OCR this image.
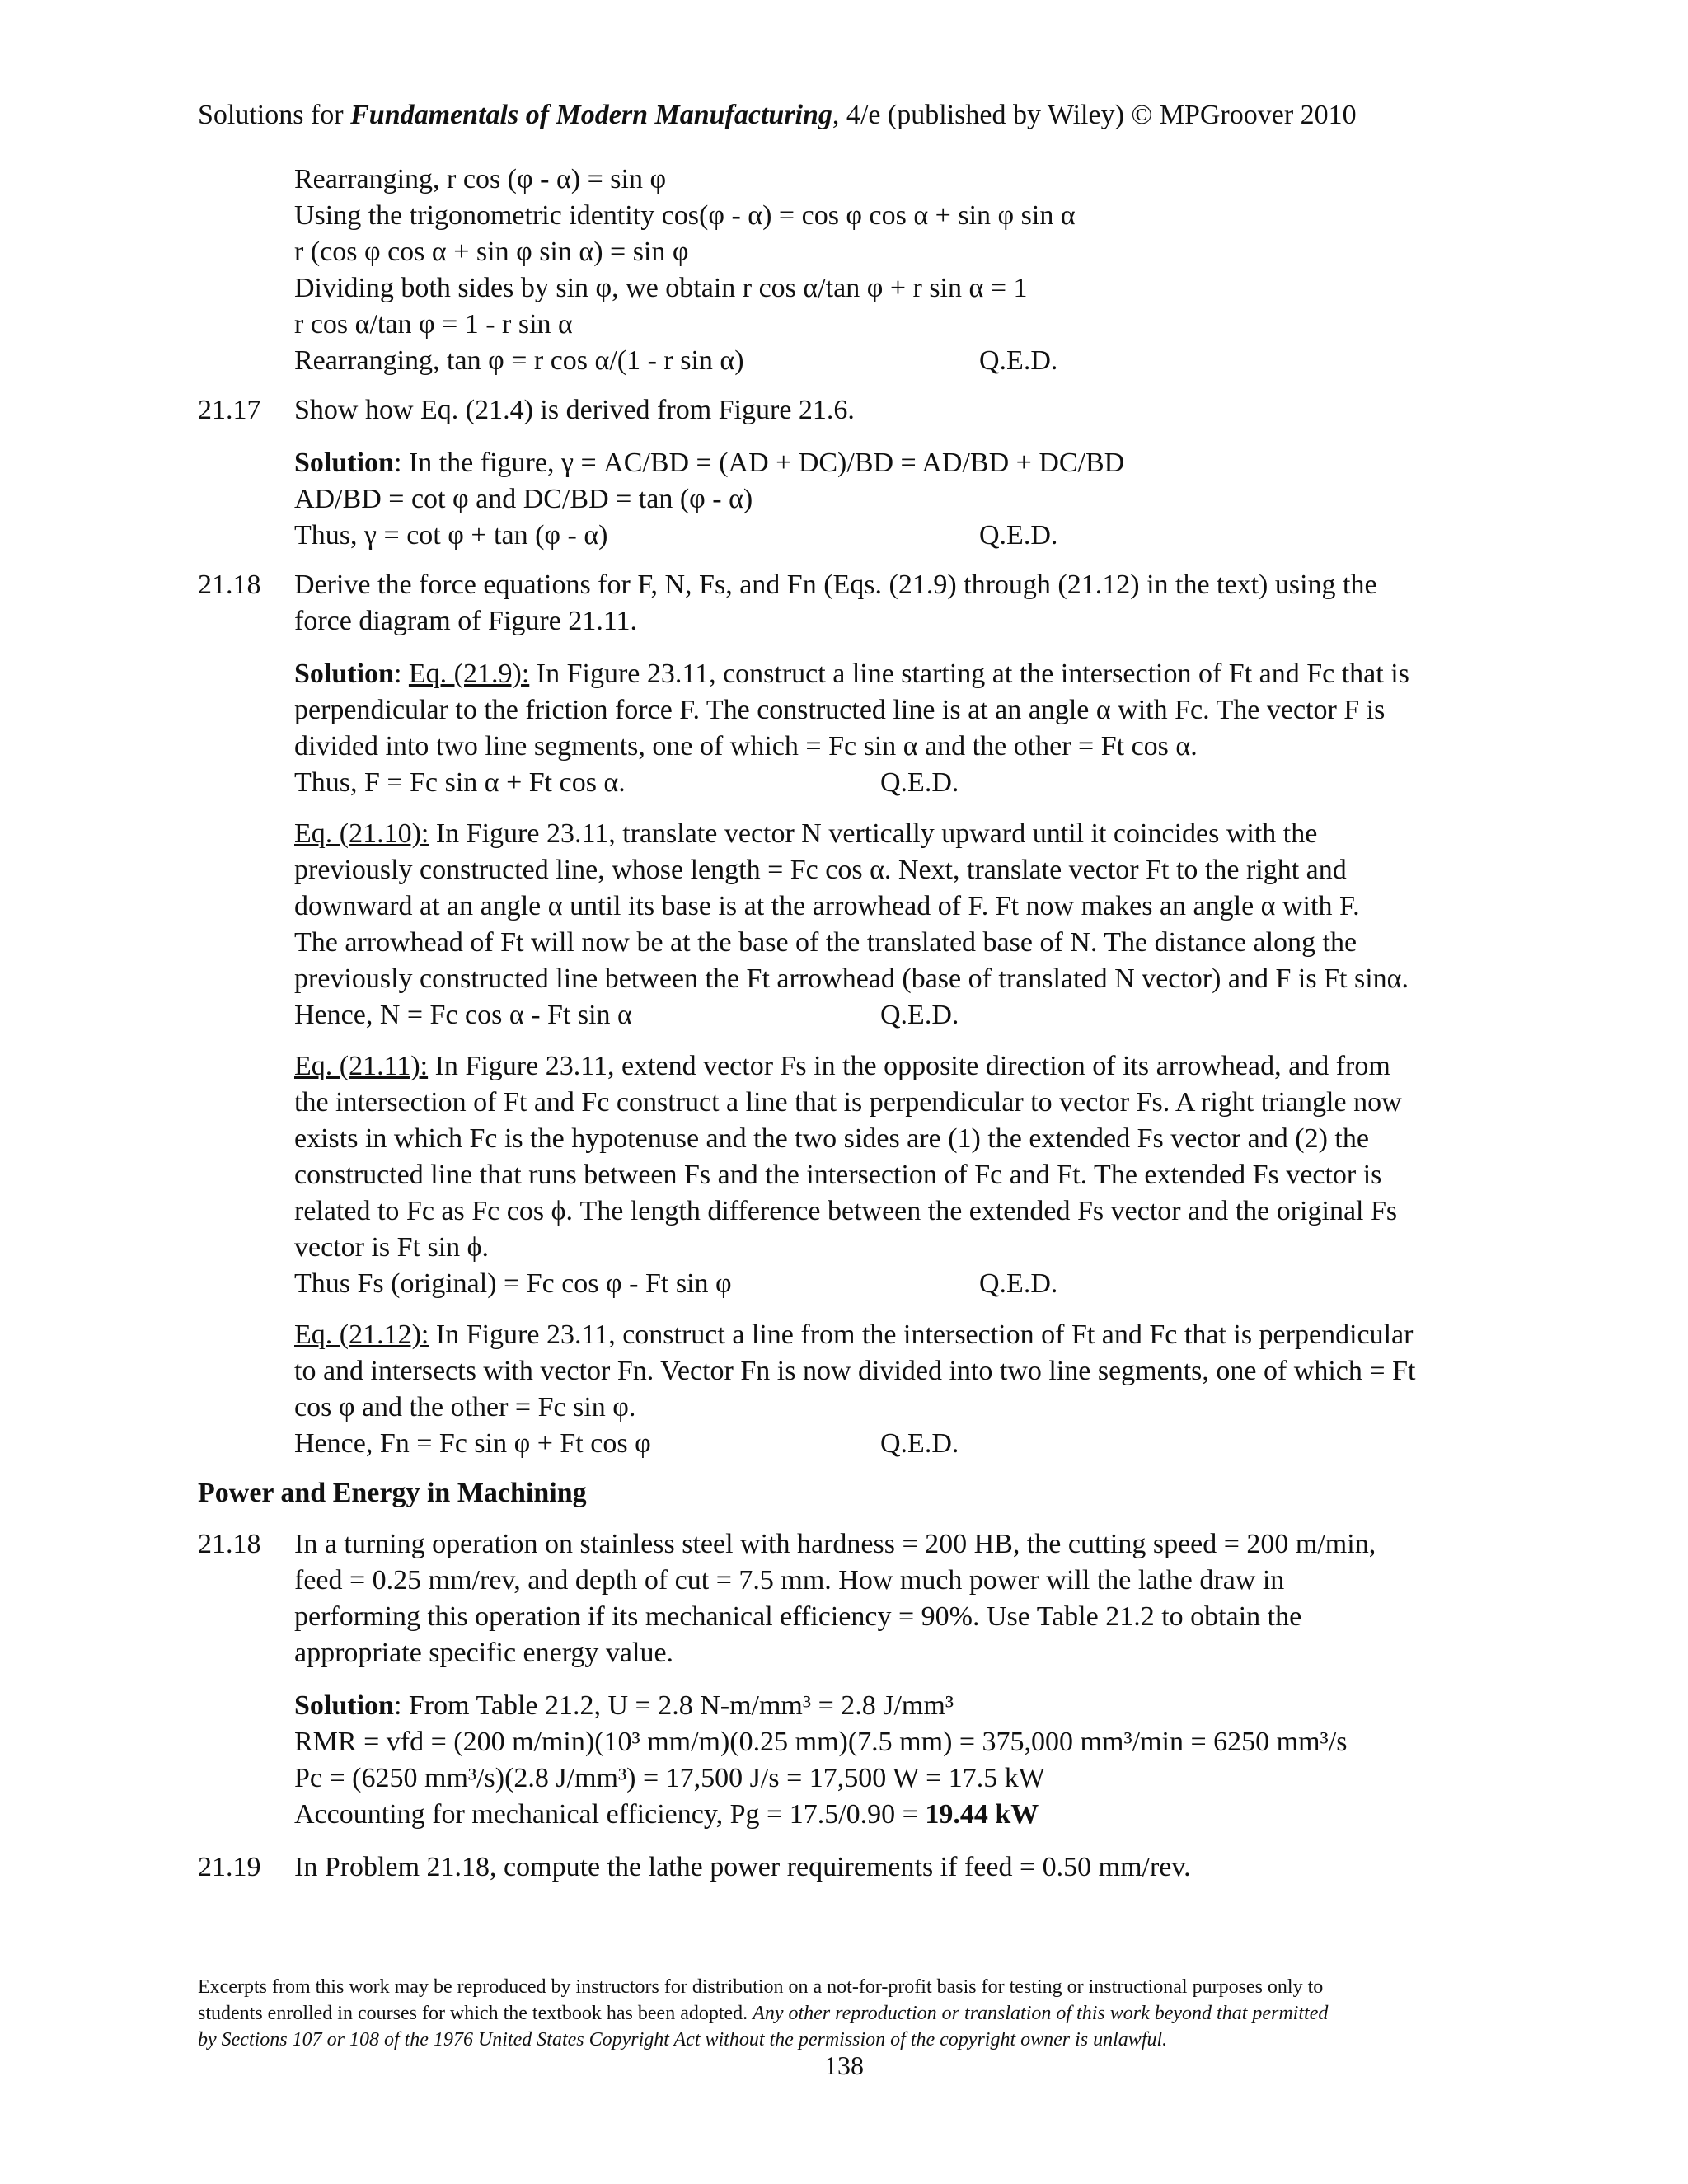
Solutions for Fundamentals of Modern Manufacturing, 4/e (published by Wiley) © MPGroover 2010
Rearranging, r cos (φ - α) = sin φ
Using the trigonometric identity cos(φ - α) = cos φ cos α + sin φ sin α
r (cos φ cos α + sin φ sin α) = sin φ
Dividing both sides by sin φ, we obtain r cos α/tan φ + r sin α = 1
r cos α/tan φ = 1 - r sin α
Rearranging, tan φ = r cos α/(1 - r sin α)	Q.E.D.
21.17 Show how Eq. (21.4) is derived from Figure 21.6.
Solution: In the figure, γ = AC/BD = (AD + DC)/BD = AD/BD + DC/BD
AD/BD = cot φ and DC/BD = tan (φ - α)
Thus, γ = cot φ + tan (φ - α)	Q.E.D.
21.18 Derive the force equations for F, N, Fs, and Fn (Eqs. (21.9) through (21.12) in the text) using the
force diagram of Figure 21.11.
Solution: Eq. (21.9): In Figure 23.11, construct a line starting at the intersection of Ft and Fc that is
perpendicular to the friction force F. The constructed line is at an angle α with Fc. The vector F is
divided into two line segments, one of which = Fc sin α and the other = Ft cos α.
Thus, F = Fc sin α + Ft cos α.	Q.E.D.
Eq. (21.10): In Figure 23.11, translate vector N vertically upward until it coincides with the
previously constructed line, whose length = Fc cos α. Next, translate vector Ft to the right and
downward at an angle α until its base is at the arrowhead of F. Ft now makes an angle α with F.
The arrowhead of Ft will now be at the base of the translated base of N. The distance along the
previously constructed line between the Ft arrowhead (base of translated N vector) and F is Ft sinα.
Hence, N = Fc cos α - Ft sin α	Q.E.D.
Eq. (21.11): In Figure 23.11, extend vector Fs in the opposite direction of its arrowhead, and from
the intersection of Ft and Fc construct a line that is perpendicular to vector Fs. A right triangle now
exists in which Fc is the hypotenuse and the two sides are (1) the extended Fs vector and (2) the
constructed line that runs between Fs and the intersection of Fc and Ft. The extended Fs vector is
related to Fc as Fc cos ϕ. The length difference between the extended Fs vector and the original Fs
vector is Ft sin ϕ.
Thus Fs (original) = Fc cos φ - Ft sin φ	Q.E.D.
Eq. (21.12): In Figure 23.11, construct a line from the intersection of Ft and Fc that is perpendicular
to and intersects with vector Fn. Vector Fn is now divided into two line segments, one of which = Ft
cos φ and the other = Fc sin φ.
Hence, Fn = Fc sin φ + Ft cos φ	Q.E.D.
Power and Energy in Machining
21.18 In a turning operation on stainless steel with hardness = 200 HB, the cutting speed = 200 m/min,
feed = 0.25 mm/rev, and depth of cut = 7.5 mm. How much power will the lathe draw in
performing this operation if its mechanical efficiency = 90%. Use Table 21.2 to obtain the
appropriate specific energy value.
Solution: From Table 21.2, U = 2.8 N-m/mm³ = 2.8 J/mm³
RMR = vfd = (200 m/min)(10³ mm/m)(0.25 mm)(7.5 mm) = 375,000 mm³/min = 6250 mm³/s
Pc = (6250 mm³/s)(2.8 J/mm³) = 17,500 J/s = 17,500 W = 17.5 kW
Accounting for mechanical efficiency, Pg = 17.5/0.90 = 19.44 kW
21.19 In Problem 21.18, compute the lathe power requirements if feed = 0.50 mm/rev.
Excerpts from this work may be reproduced by instructors for distribution on a not-for-profit basis for testing or instructional purposes only to
students enrolled in courses for which the textbook has been adopted. Any other reproduction or translation of this work beyond that permitted
by Sections 107 or 108 of the 1976 United States Copyright Act without the permission of the copyright owner is unlawful.
138
